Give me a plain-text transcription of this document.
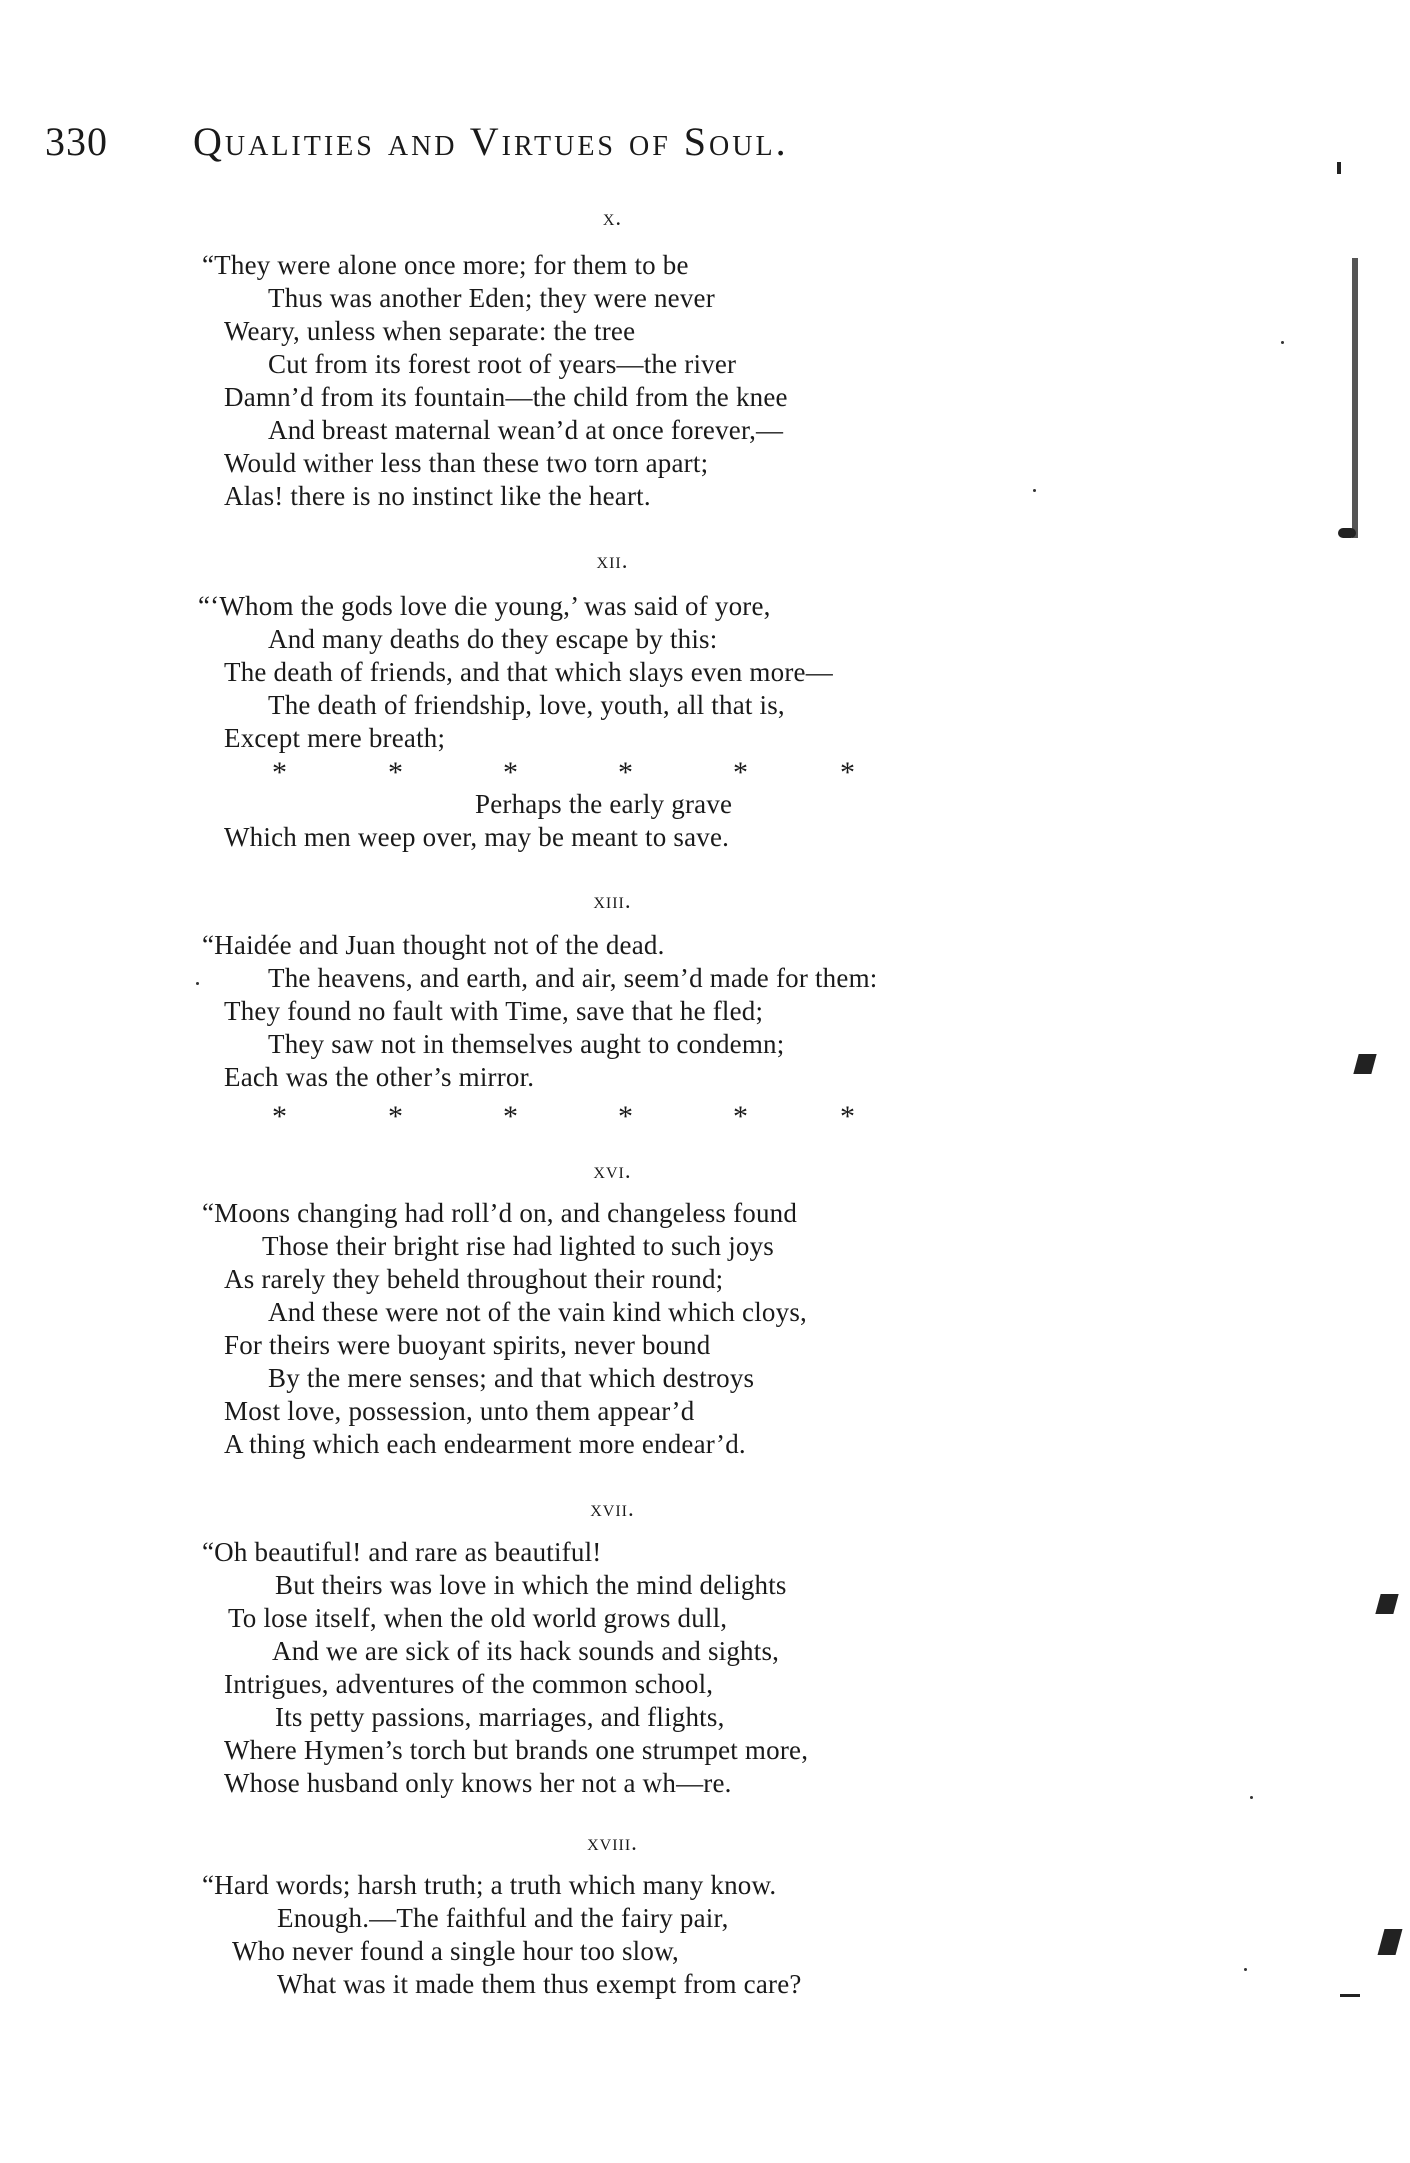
330 Qualities and Virtues of Soul.
x.
“They were alone once more; for them to be
Thus was another Eden; they were never
Weary, unless when separate: the tree
Cut from its forest root of years—the river
Damn’d from its fountain—the child from the knee
And breast maternal wean’d at once forever,—
Would wither less than these two torn apart;
Alas! there is no instinct like the heart.
xii.
“‘Whom the gods love die young,’ was said of yore,
And many deaths do they escape by this:
The death of friends, and that which slays even more—
The death of friendship, love, youth, all that is,
Except mere breath;
*	*	*	*	*	*
Perhaps the early grave
Which men weep over, may be meant to save.
xiii.
“Haidée and Juan thought not of the dead.
The heavens, and earth, and air, seem’d made for them:
They found no fault with Time, save that he fled;
They saw not in themselves aught to condemn;
Each was the other’s mirror.
*	*	*	*	*	*
xvi.
“Moons changing had roll’d on, and changeless found
Those their bright rise had lighted to such joys
As rarely they beheld throughout their round;
And these were not of the vain kind which cloys,
For theirs were buoyant spirits, never bound
By the mere senses; and that which destroys
Most love, possession, unto them appear’d
A thing which each endearment more endear’d.
xvii.
“Oh beautiful! and rare as beautiful!
But theirs was love in which the mind delights
To lose itself, when the old world grows dull,
And we are sick of its hack sounds and sights,
Intrigues, adventures of the common school,
Its petty passions, marriages, and flights,
Where Hymen’s torch but brands one strumpet more,
Whose husband only knows her not a wh—re.
xviii.
“Hard words; harsh truth; a truth which many know.
Enough.—The faithful and the fairy pair,
Who never found a single hour too slow,
What was it made them thus exempt from care?
